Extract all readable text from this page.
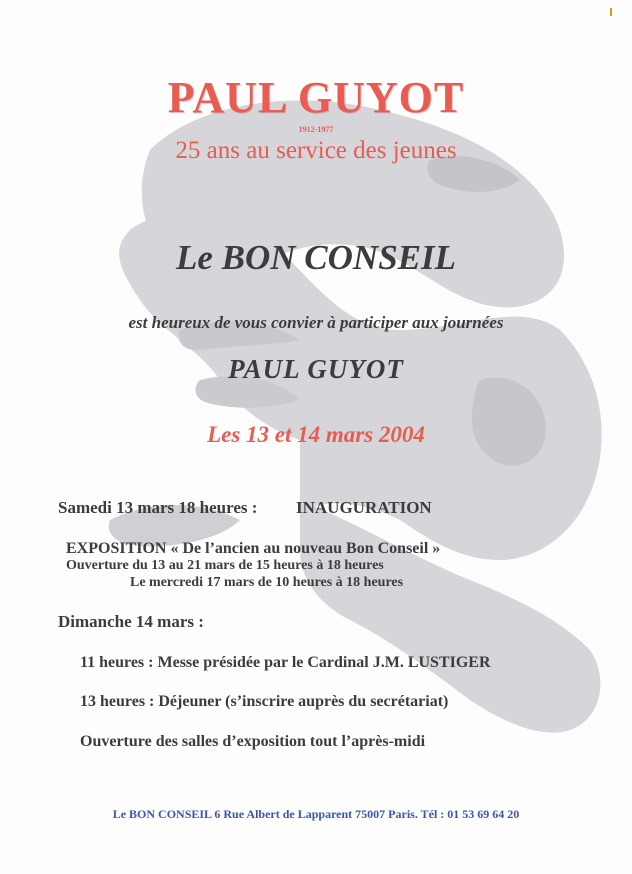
PAUL GUYOT
1912-1977
25 ans au service des jeunes
Le BON CONSEIL
est heureux de vous convier à participer aux journées
PAUL GUYOT
Les 13 et 14 mars 2004
Samedi 13 mars 18 heures : INAUGURATION
EXPOSITION « De l’ancien au nouveau Bon Conseil »
Ouverture du 13 au 21 mars de 15 heures à 18 heures
Le mercredi 17 mars de 10 heures à 18 heures
Dimanche 14 mars :
11 heures : Messe présidée par le Cardinal J.M. LUSTIGER
13 heures : Déjeuner (s’inscrire auprès du secrétariat)
Ouverture des salles d’exposition tout l’après-midi
Le BON CONSEIL 6 Rue Albert de Lapparent 75007 Paris. Tél : 01 53 69 64 20
